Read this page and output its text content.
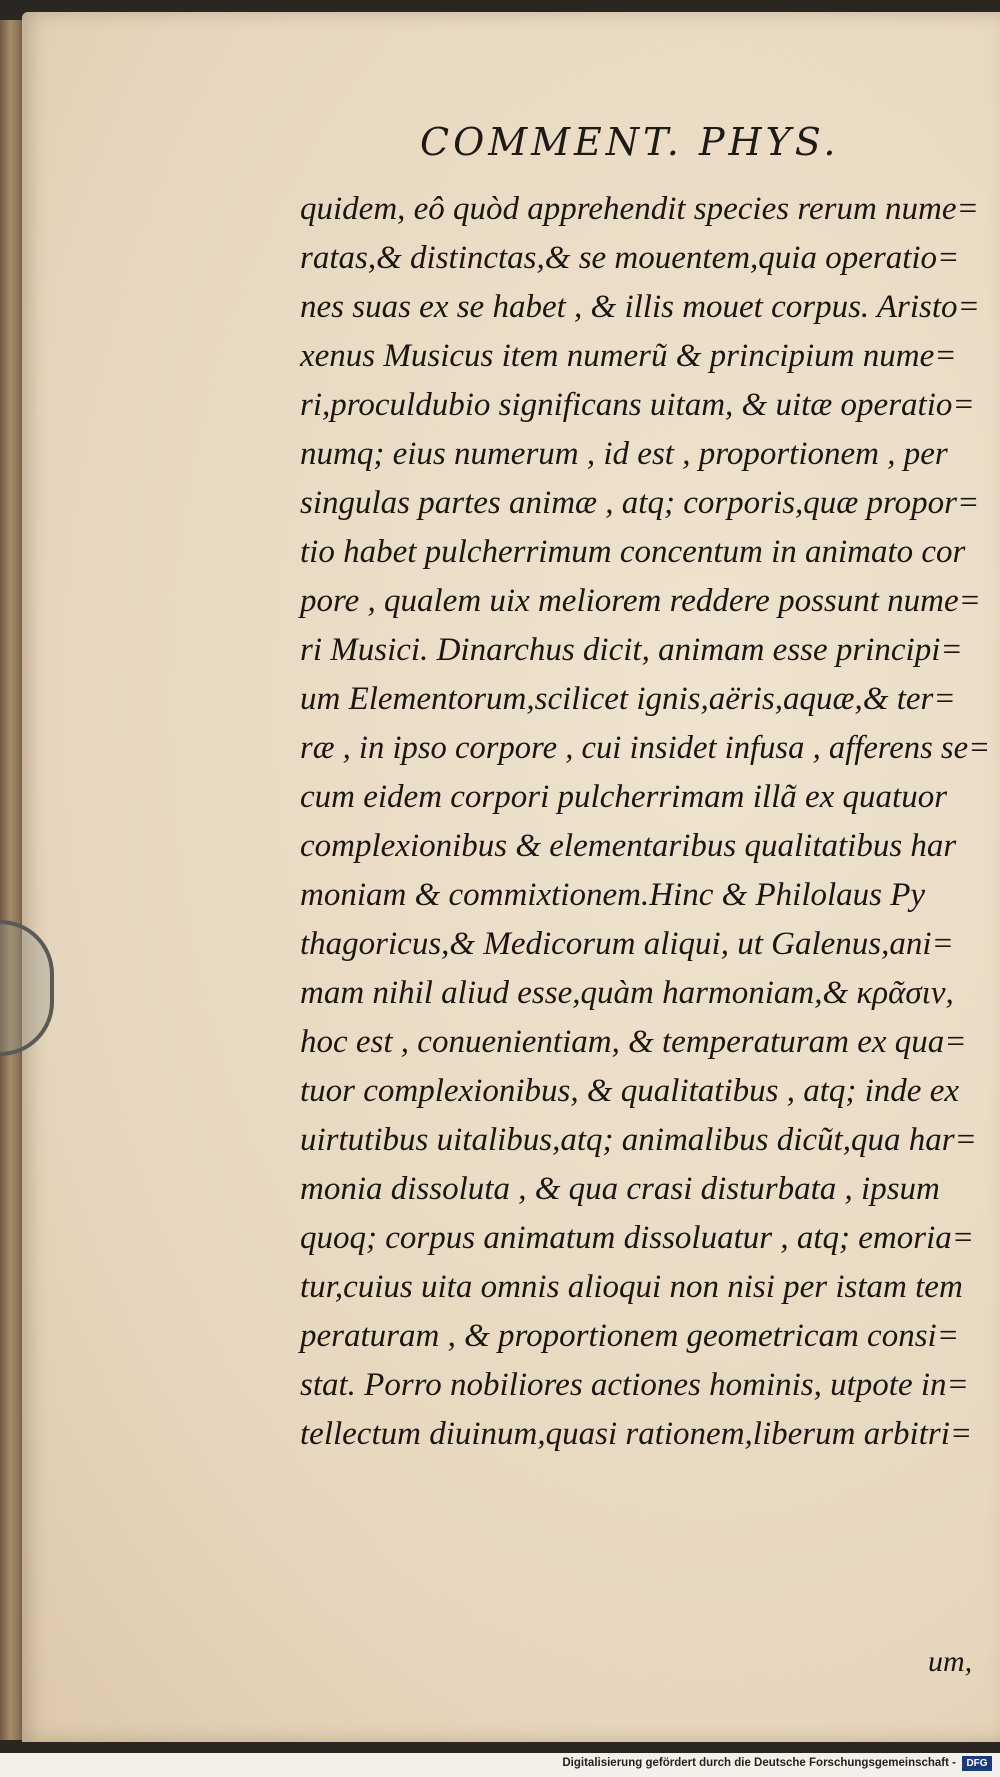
COMMENT. PHYS.
quidem, eô quòd apprehendit species rerum nume=
ratas,& distinctas,& se mouentem,quia operatio=
nes suas ex se habet , & illis mouet corpus. Aristo=
xenus Musicus item numerũ & principium nume=
ri,proculdubio significans uitam, & uitæ operatio=
numq; eius numerum , id est , proportionem , per
singulas partes animæ , atq; corporis,quæ propor=
tio habet pulcherrimum concentum in animato cor
pore , qualem uix meliorem reddere possunt nume=
ri Musici. Dinarchus dicit, animam esse principi=
um Elementorum,scilicet ignis,aëris,aquæ,& ter=
ræ , in ipso corpore , cui insidet infusa , afferens se=
cum eidem corpori pulcherrimam illã ex quatuor
complexionibus & elementaribus qualitatibus har
moniam & commixtionem.Hinc & Philolaus Py
thagoricus,& Medicorum aliqui, ut Galenus,ani=
mam nihil aliud esse,quàm harmoniam,& κρᾶσιν,
hoc est , conuenientiam, & temperaturam ex qua=
tuor complexionibus, & qualitatibus , atq; inde ex
uirtutibus uitalibus,atq; animalibus dicũt,qua har=
monia dissoluta , & qua crasi disturbata , ipsum
quoq; corpus animatum dissoluatur , atq; emoria=
tur,cuius uita omnis alioqui non nisi per istam tem
peraturam , & proportionem geometricam consi=
stat. Porro nobiliores actiones hominis, utpote in=
tellectum diuinum,quasi rationem,liberum arbitri=
um,
Digitalisierung gefördert durch die Deutsche Forschungsgemeinschaft -	DFG
